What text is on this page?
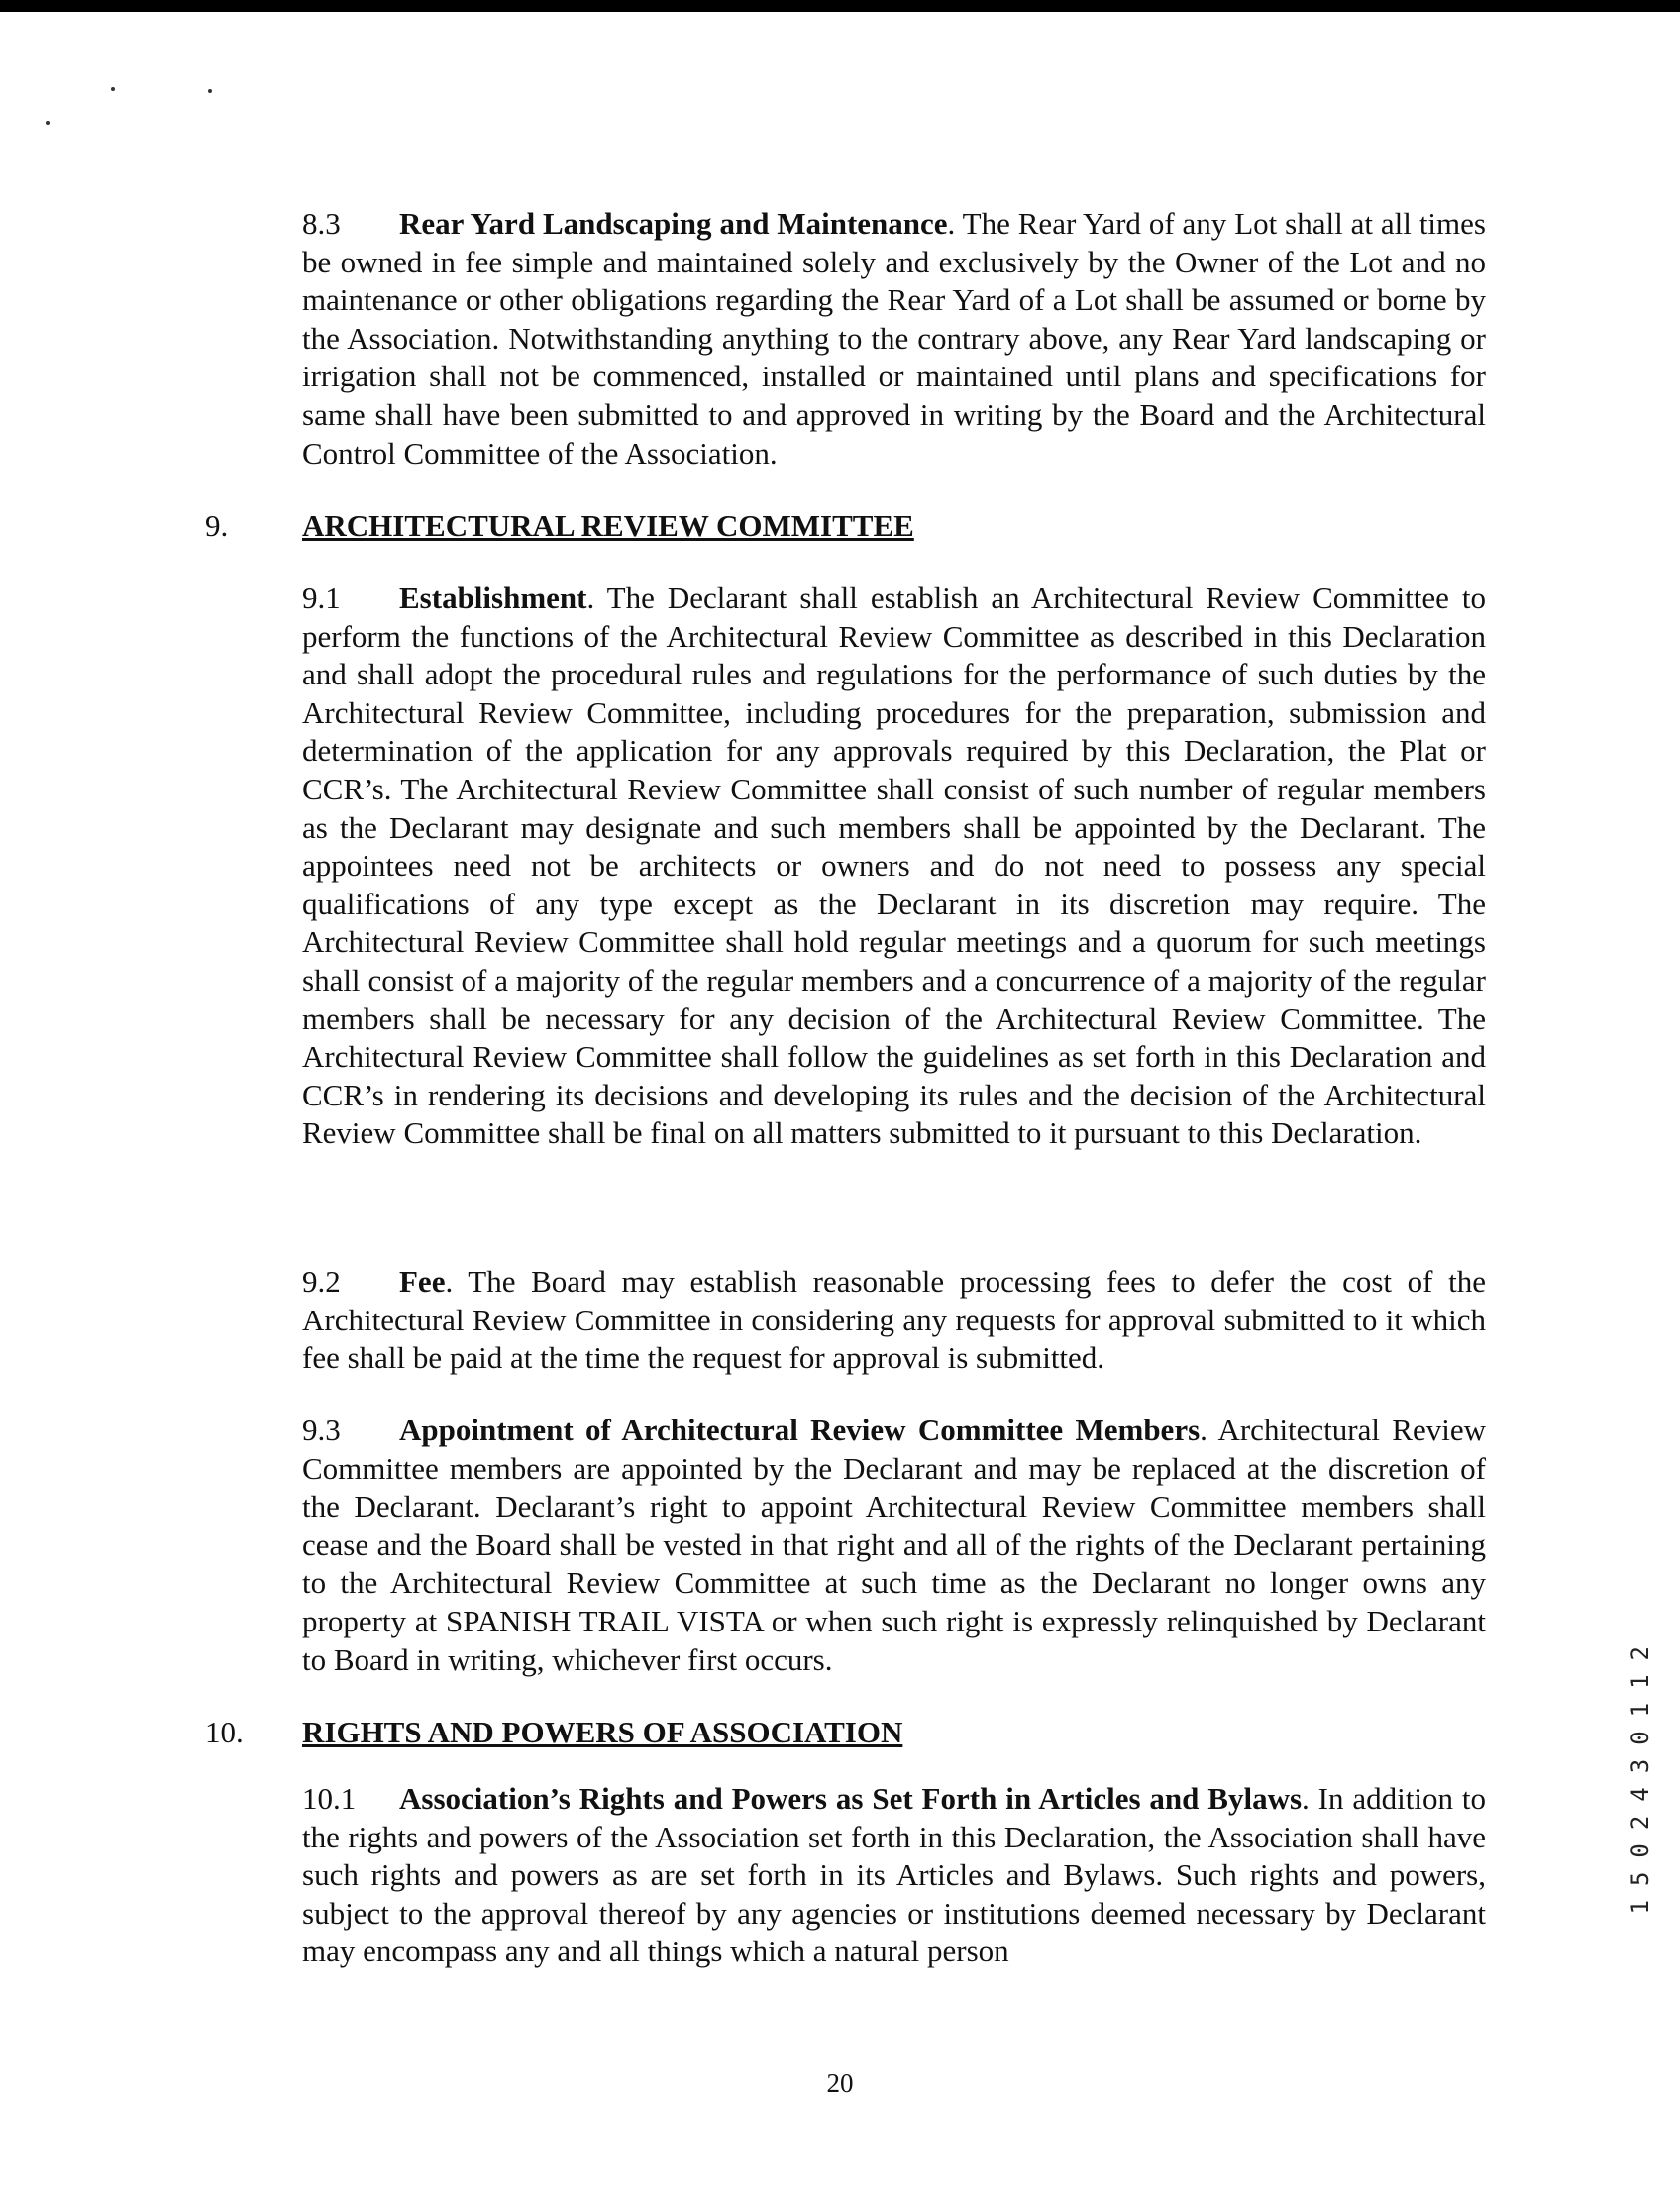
8.3 Rear Yard Landscaping and Maintenance. The Rear Yard of any Lot shall at all times be owned in fee simple and maintained solely and exclusively by the Owner of the Lot and no maintenance or other obligations regarding the Rear Yard of a Lot shall be assumed or borne by the Association. Notwithstanding anything to the contrary above, any Rear Yard landscaping or irrigation shall not be commenced, installed or maintained until plans and specifications for same shall have been submitted to and approved in writing by the Board and the Architectural Control Committee of the Association.

9. ARCHITECTURAL REVIEW COMMITTEE

9.1 Establishment. The Declarant shall establish an Architectural Review Committee to perform the functions of the Architectural Review Committee as described in this Declaration and shall adopt the procedural rules and regulations for the performance of such duties by the Architectural Review Committee, including procedures for the preparation, submission and determination of the application for any approvals required by this Declaration, the Plat or CCR’s. The Architectural Review Committee shall consist of such number of regular members as the Declarant may designate and such members shall be appointed by the Declarant. The appointees need not be architects or owners and do not need to possess any special qualifications of any type except as the Declarant in its discretion may require. The Architectural Review Committee shall hold regular meetings and a quorum for such meetings shall consist of a majority of the regular members and a concurrence of a majority of the regular members shall be necessary for any decision of the Architectural Review Committee. The Architectural Review Committee shall follow the guidelines as set forth in this Declaration and CCR’s in rendering its decisions and developing its rules and the decision of the Architectural Review Committee shall be final on all matters submitted to it pursuant to this Declaration.

9.2 Fee. The Board may establish reasonable processing fees to defer the cost of the Architectural Review Committee in considering any requests for approval submitted to it which fee shall be paid at the time the request for approval is submitted.

9.3 Appointment of Architectural Review Committee Members. Architectural Review Committee members are appointed by the Declarant and may be replaced at the discretion of the Declarant. Declarant’s right to appoint Architectural Review Committee members shall cease and the Board shall be vested in that right and all of the rights of the Declarant pertaining to the Architectural Review Committee at such time as the Declarant no longer owns any property at SPANISH TRAIL VISTA or when such right is expressly relinquished by Declarant to Board in writing, whichever first occurs.

10. RIGHTS AND POWERS OF ASSOCIATION

10.1 Association’s Rights and Powers as Set Forth in Articles and Bylaws. In addition to the rights and powers of the Association set forth in this Declaration, the Association shall have such rights and powers as are set forth in its Articles and Bylaws. Such rights and powers, subject to the approval thereof by any agencies or institutions deemed necessary by Declarant may encompass any and all things which a natural person

20
1502430112
